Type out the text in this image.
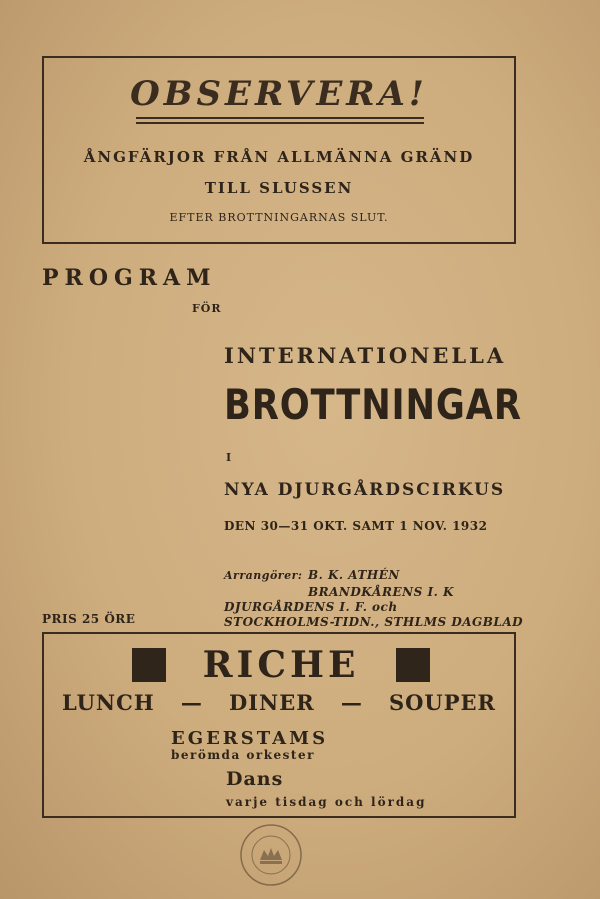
OBSERVERA!
ÅNGFÄRJOR FRÅN ALLMÄNNA GRÄND
TILL SLUSSEN
EFTER BROTTNINGARNAS SLUT.
PROGRAM
FÖR
INTERNATIONELLA
BROTTNINGAR
I
NYA DJURGÅRDSCIRKUS
DEN 30—31 OKT. SAMT 1 NOV. 1932
Arrangörer: B. K. ATHÉN
BRANDKÅRENS I. K
DJURGÅRDENS I. F. och
STOCKHOLMS-TIDN., STHLMS DAGBLAD
PRIS 25 ÖRE
RICHE
LUNCH — DINER — SOUPER
EGERSTAMS
berömda orkester
Dans
varje tisdag och lördag
